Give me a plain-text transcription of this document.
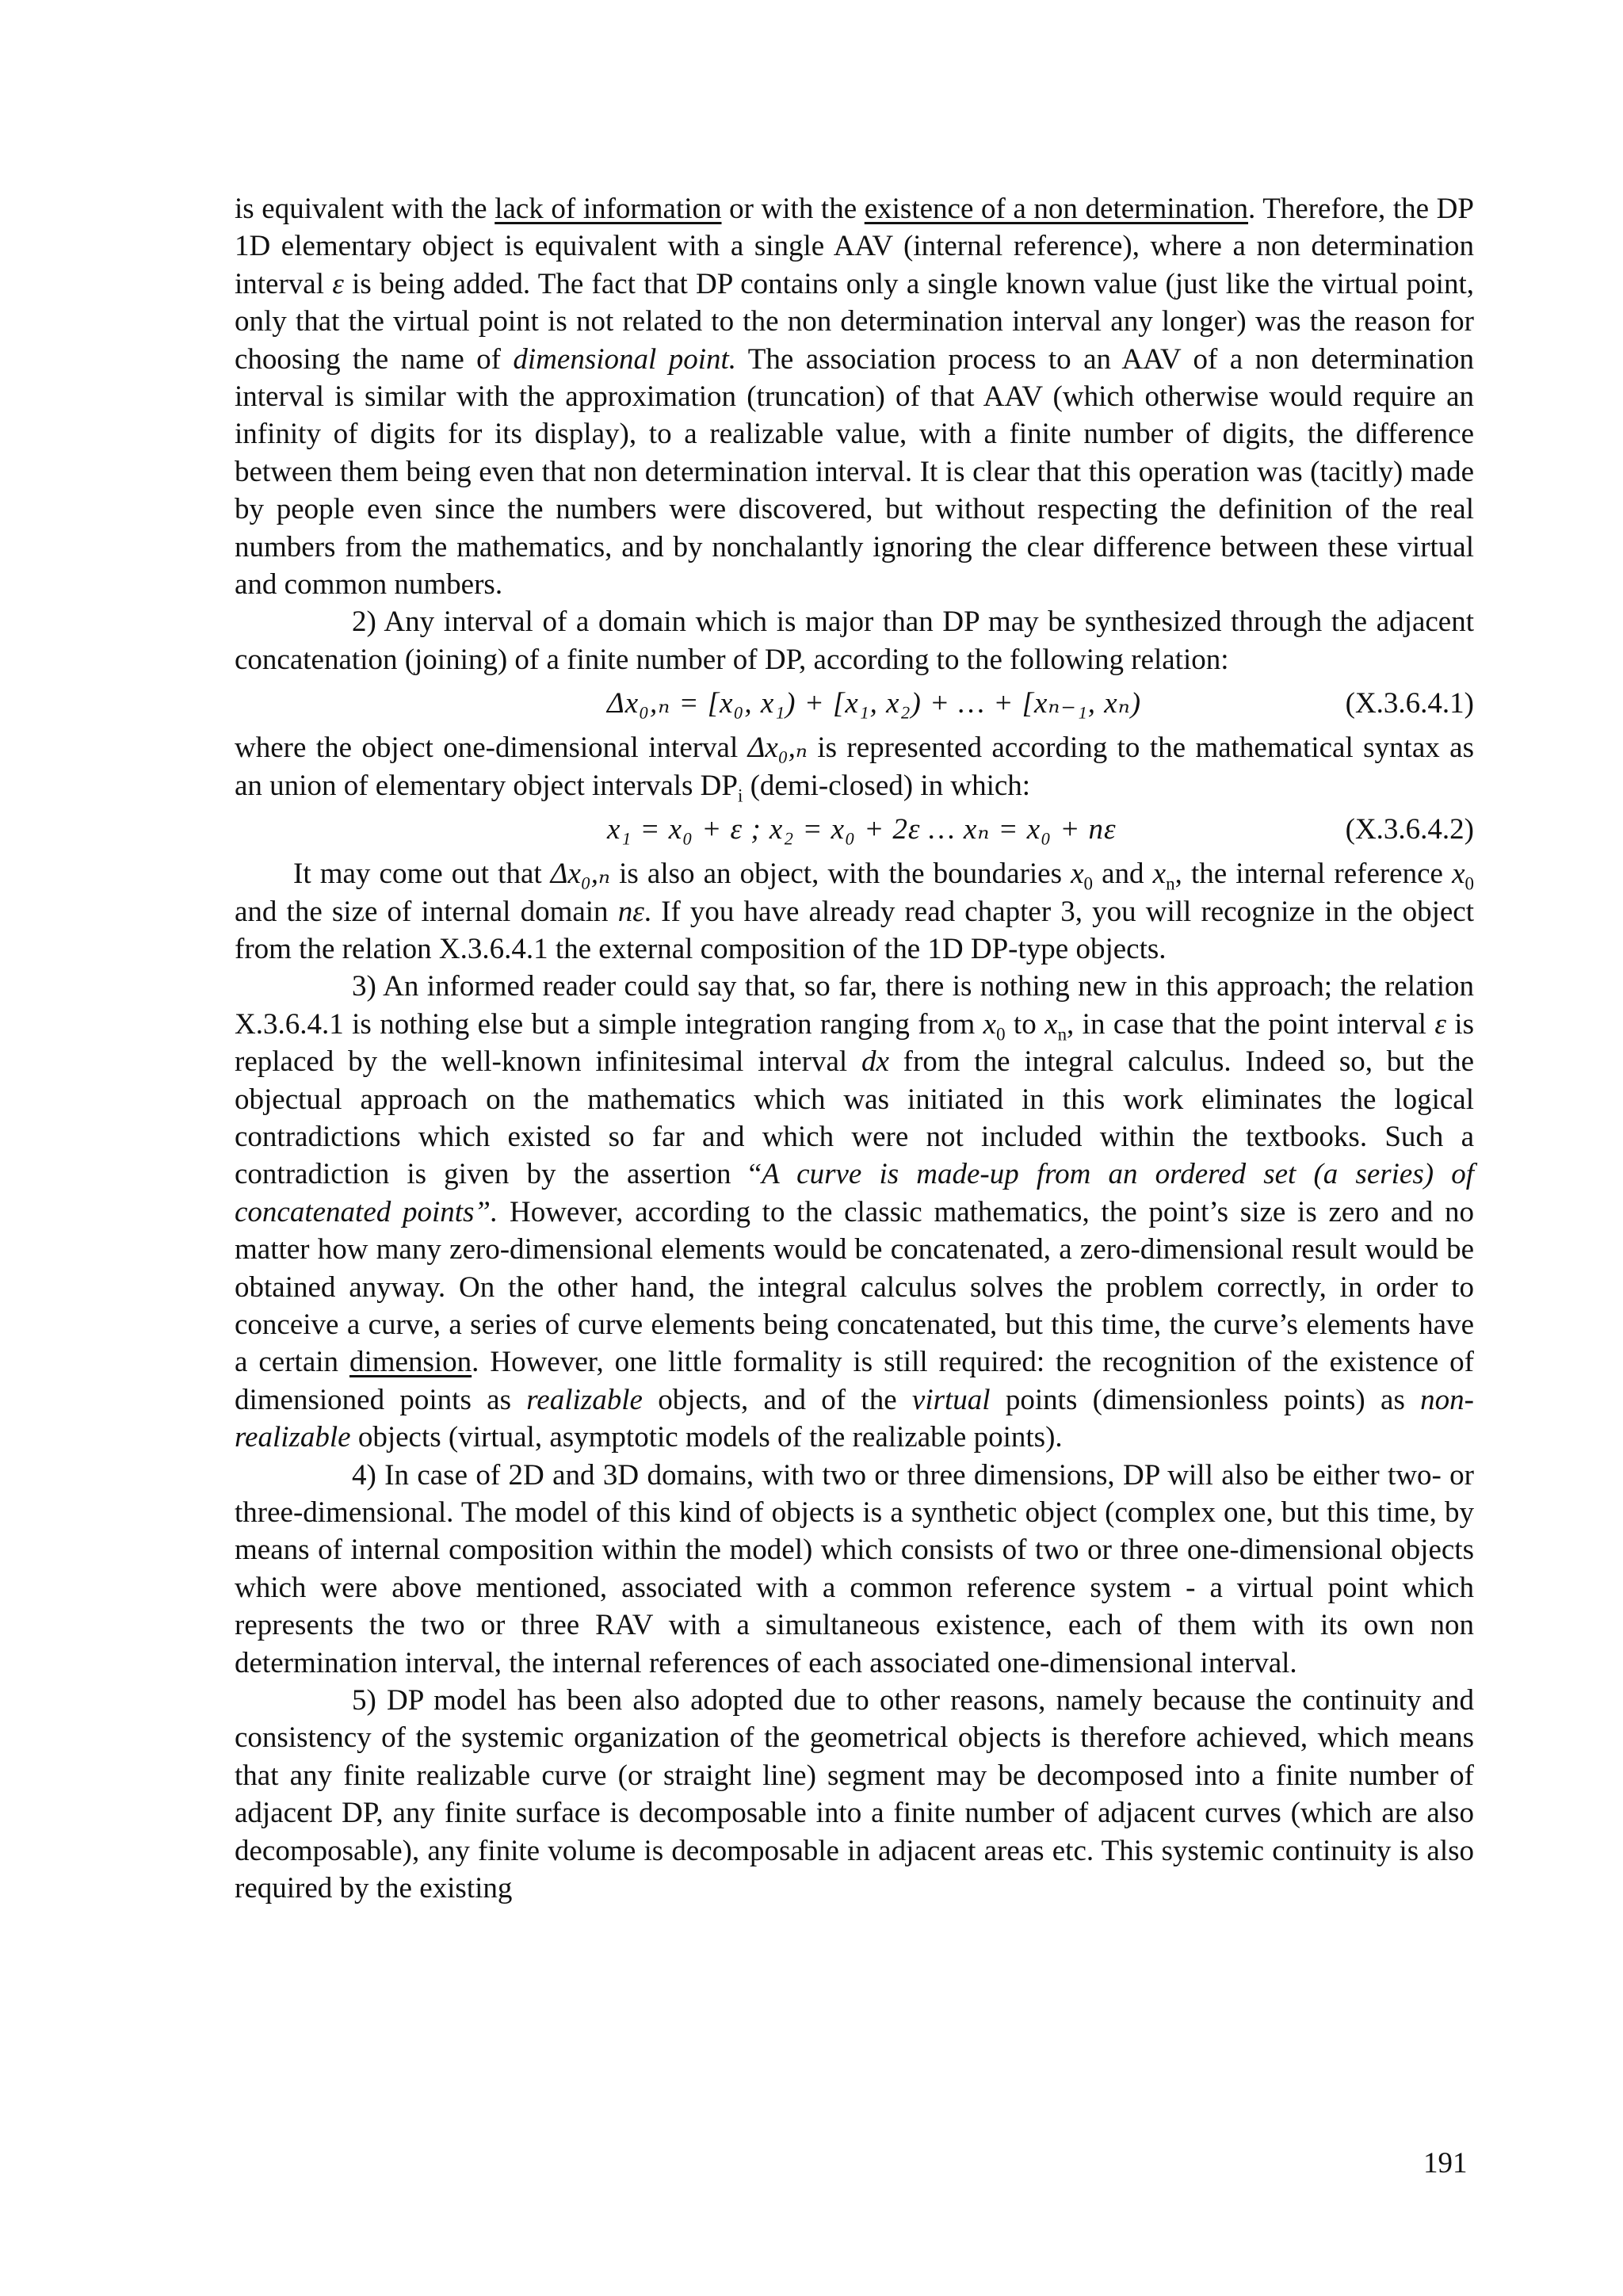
is equivalent with the lack of information or with the existence of a non determination. Therefore, the DP 1D elementary object is equivalent with a single AAV (internal reference), where a non determination interval ε is being added. The fact that DP contains only a single known value (just like the virtual point, only that the virtual point is not related to the non determination interval any longer) was the reason for choosing the name of dimensional point. The association process to an AAV of a non determination interval is similar with the approximation (truncation) of that AAV (which otherwise would require an infinity of digits for its display), to a realizable value, with a finite number of digits, the difference between them being even that non determination interval. It is clear that this operation was (tacitly) made by people even since the numbers were discovered, but without respecting the definition of the real numbers from the mathematics, and by nonchalantly ignoring the clear difference between these virtual and common numbers.

2) Any interval of a domain which is major than DP may be synthesized through the adjacent concatenation (joining) of a finite number of DP, according to the following relation:

Δx₀,ₙ = [x₀, x₁) + [x₁, x₂) + … + [xₙ₋₁, xₙ)	(X.3.6.4.1)

where the object one-dimensional interval Δx₀,ₙ is represented according to the mathematical syntax as an union of elementary object intervals $DP_i$ (demi-closed) in which:

x₁ = x₀ + ε ; x₂ = x₀ + 2ε … xₙ = x₀ + nε	(X.3.6.4.2)

It may come out that Δx₀,ₙ is also an object, with the boundaries $x_0$ and $x_n$, the internal reference $x_0$ and the size of internal domain nε. If you have already read chapter 3, you will recognize in the object from the relation X.3.6.4.1 the external composition of the 1D DP-type objects.

3) An informed reader could say that, so far, there is nothing new in this approach; the relation X.3.6.4.1 is nothing else but a simple integration ranging from $x_0$ to $x_n$, in case that the point interval ε is replaced by the well-known infinitesimal interval dx from the integral calculus. Indeed so, but the objectual approach on the mathematics which was initiated in this work eliminates the logical contradictions which existed so far and which were not included within the textbooks. Such a contradiction is given by the assertion “A curve is made-up from an ordered set (a series) of concatenated points”. However, according to the classic mathematics, the point’s size is zero and no matter how many zero-dimensional elements would be concatenated, a zero-dimensional result would be obtained anyway. On the other hand, the integral calculus solves the problem correctly, in order to conceive a curve, a series of curve elements being concatenated, but this time, the curve’s elements have a certain dimension. However, one little formality is still required: the recognition of the existence of dimensioned points as realizable objects, and of the virtual points (dimensionless points) as non-realizable objects (virtual, asymptotic models of the realizable points).

4) In case of 2D and 3D domains, with two or three dimensions, DP will also be either two- or three-dimensional. The model of this kind of objects is a synthetic object (complex one, but this time, by means of internal composition within the model) which consists of two or three one-dimensional objects which were above mentioned, associated with a common reference system - a virtual point which represents the two or three RAV with a simultaneous existence, each of them with its own non determination interval, the internal references of each associated one-dimensional interval.

5) DP model has been also adopted due to other reasons, namely because the continuity and consistency of the systemic organization of the geometrical objects is therefore achieved, which means that any finite realizable curve (or straight line) segment may be decomposed into a finite number of adjacent DP, any finite surface is decomposable into a finite number of adjacent curves (which are also decomposable), any finite volume is decomposable in adjacent areas etc. This systemic continuity is also required by the existing

191
